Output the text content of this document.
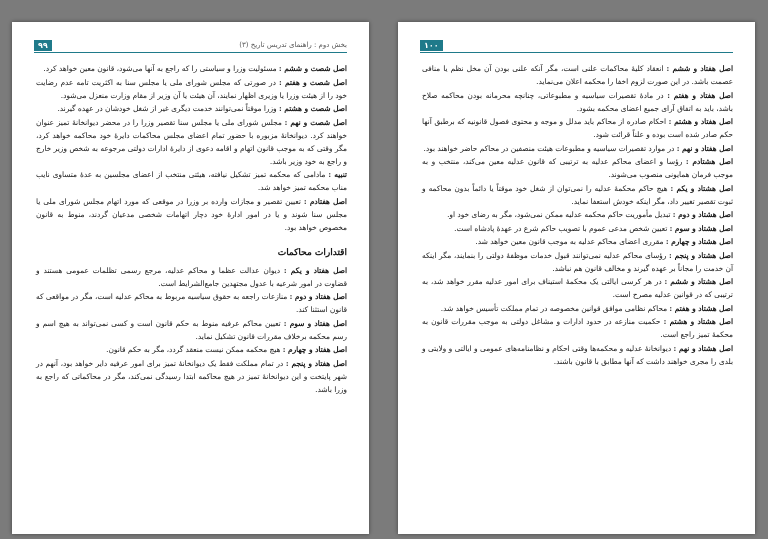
۹۹	بخش دوم : راهنمای تدریس تاریخ (۳)

اصل شصت و ششم : مسئولیت وزرا و سیاستی را که راجع به آنها می‌شود، قانون معین خواهد کرد.

اصل شصت و هفتم : در صورتی که مجلس شورای ملی یا مجلس سنا به اکثریت تامه عدم رضایت خود را از هیئت وزرا یا وزیری اظهار نمایند، آن هیئت یا آن وزیر از مقام وزارت منعزل می‌شود.

اصل شصت و هشتم : وزرا موقتاً نمی‌توانند خدمت دیگری غیر از شغل خودشان در عهده گیرند.

اصل شصت و نهم : مجلس شورای ملی یا مجلس سنا تقصیر وزرا را در محضر دیوانخانهٔ تمیز عنوان خواهند کرد. دیوانخانهٔ مزبوره با حضور تمام اعضای مجلس محاکمات دایرهٔ خود محاکمه خواهد کرد، مگر وقتی که به موجب قانون اتهام و اقامه دعوی از دایرهٔ ادارات دولتی مرجوعه به شخص وزیر خارج و راجع به خود وزیر باشد.

تنبیه : مادامی که محکمه تمیز تشکیل نیافته، هیئتی منتخب از اعضای مجلسین به عدهٔ متساوی نایب مناب محکمه تمیز خواهد شد.

اصل هفتادم : تعیین تقصیر و مجازات وارده بر وزرا در موقعی که مورد اتهام مجلس شورای ملی یا مجلس سنا شوند و یا در امور ادارهٔ خود دچار اتهامات شخصی مدعیان گردند، منوط به قانون مخصوص خواهد بود.

اقتدارات محاکمات

اصل هفتاد و یکم : دیوان عدالت عظما و محاکم عدلیه، مرجع رسمی تظلمات عمومی هستند و قضاوت در امور شرعیه با عدول مجتهدین جامع‌الشرایط است.

اصل هفتاد و دوم : منازعات راجعه به حقوق سیاسیه مربوط به محاکم عدلیه است، مگر در مواقعی که قانون استثنا کند.

اصل هفتاد و سوم : تعیین محاکم عرفیه منوط به حکم قانون است و کسی نمی‌تواند به هیچ اسم و رسم محکمه برخلاف مقررات قانون تشکیل نماید.

اصل هفتاد و چهارم : هیچ محکمه ممکن نیست منعقد گردد، مگر به حکم قانون.

اصل هفتاد و پنجم : در تمام مملکت فقط یک دیوانخانهٔ تمیز برای امور عرفیه دایر خواهد بود، آنهم در شهر پایتخت و این دیوانخانهٔ تمیز در هیچ محاکمه ابتدا رسیدگی نمی‌کند، مگر در محاکماتی که راجع به وزرا باشد.

۱۰۰

اصل هفتاد و ششم : انعقاد کلیهٔ محاکمات علنی است، مگر آنکه علنی بودن آن مخل نظم یا منافی عصمت باشد. در این صورت لزوم اخفا را محکمه اعلان می‌نماید.

اصل هفتاد و هفتم : در مادهٔ تقصیرات سیاسیه و مطبوعاتی، چنانچه محرمانه بودن محاکمه صلاح باشد، باید به اتفاق آرای جمیع اعضای محکمه بشود.

اصل هفتاد و هشتم : احکام صادره از محاکم باید مدلل و موجه و محتوی فصول قانونیه که برطبق آنها حکم صادر شده است بوده و علناً قرائت شود.

اصل هفتاد و نهم : در موارد تقصیرات سیاسیه و مطبوعات هیئت منصفین در محاکم حاضر خواهند بود.

اصل هشتادم : رؤسا و اعضای محاکم عدلیه به ترتیبی که قانون عدلیه معین می‌کند، منتخب و به موجب فرمان همایونی منصوب می‌شوند.

اصل هشتاد و یکم : هیچ حاکم محکمهٔ عدلیه را نمی‌توان از شغل خود موقتاً یا دائماً بدون محاکمه و ثبوت تقصیر تغییر داد، مگر اینکه خودش استعفا نماید.

اصل هشتاد و دوم : تبدیل مأموریت حاکم محکمه عدلیه ممکن نمی‌شود، مگر به رضای خود او.

اصل هشتاد و سوم : تعیین شخص مدعی عموم با تصویب حاکم شرع در عهدهٔ پادشاه است.

اصل هشتاد و چهارم : مقرری اعضای محاکم عدلیه به موجب قانون معین خواهد شد.

اصل هشتاد و پنجم : رؤسای محاکم عدلیه نمی‌توانند قبول خدمات موظفهٔ دولتی را بنمایند، مگر اینکه آن خدمت را مجاناً بر عهده گیرند و مخالف قانون هم نباشد.

اصل هشتاد و ششم : در هر کرسی ایالتی یک محکمهٔ استیناف برای امور عدلیه مقرر خواهد شد، به ترتیبی که در قوانین عدلیه مصرح است.

اصل هشتاد و هفتم : محاکم نظامی موافق قوانین مخصوصه در تمام مملکت تأسیس خواهد شد.

اصل هشتاد و هشتم : حکمیت منازعه در حدود ادارات و مشاغل دولتی به موجب مقررات قانون به محکمهٔ تمیز راجع است.

اصل هشتاد و نهم : دیوانخانهٔ عدلیه و محکمه‌ها وقتی احکام و نظامنامه‌های عمومی و ایالتی و ولایتی و بلدی را مجری خواهند داشت که آنها مطابق با قانون باشند.
